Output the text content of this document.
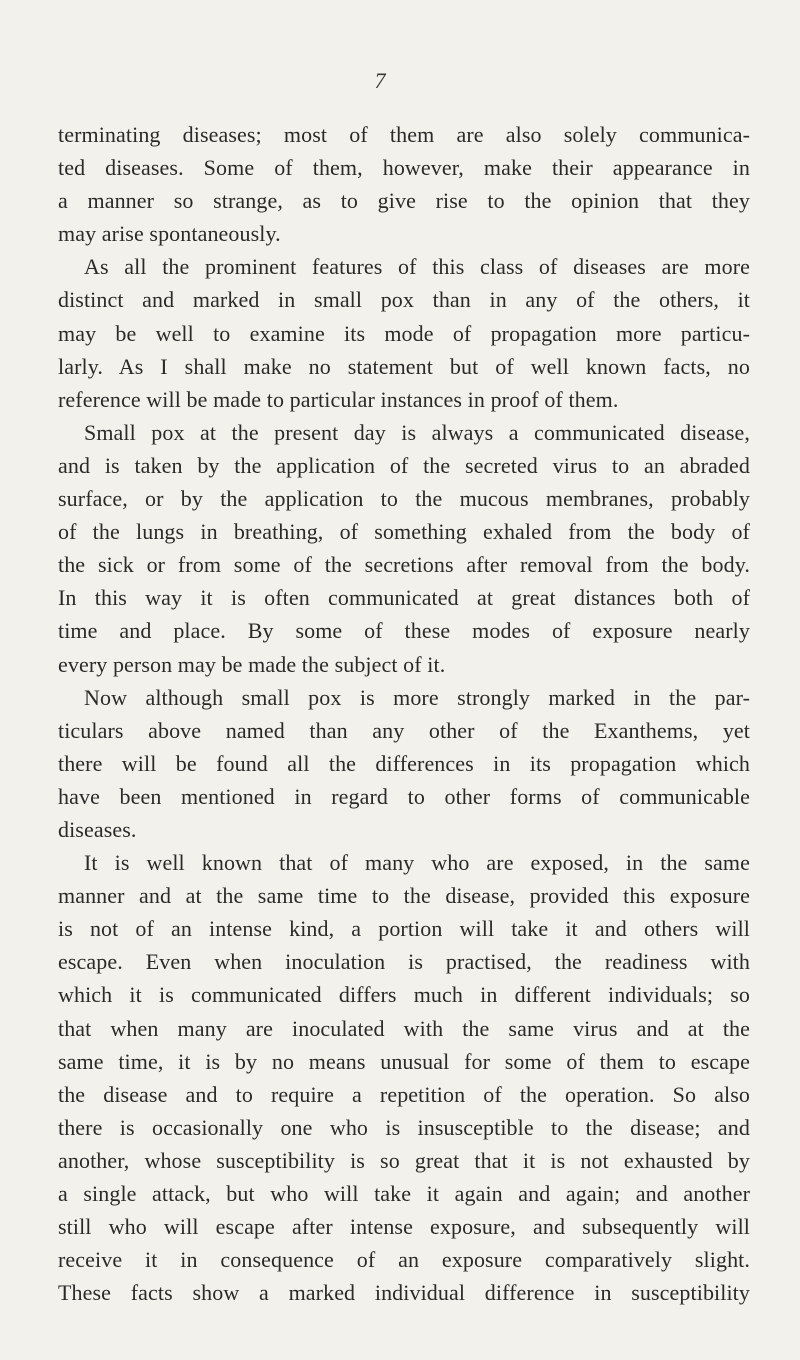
7
terminating diseases; most of them are also solely communica-
ted diseases. Some of them, however, make their appearance in
a manner so strange, as to give rise to the opinion that they
may arise spontaneously.
As all the prominent features of this class of diseases are more
distinct and marked in small pox than in any of the others, it
may be well to examine its mode of propagation more particu-
larly. As I shall make no statement but of well known facts, no
reference will be made to particular instances in proof of them.
Small pox at the present day is always a communicated disease,
and is taken by the application of the secreted virus to an abraded
surface, or by the application to the mucous membranes, probably
of the lungs in breathing, of something exhaled from the body of
the sick or from some of the secretions after removal from the body.
In this way it is often communicated at great distances both of
time and place. By some of these modes of exposure nearly
every person may be made the subject of it.
Now although small pox is more strongly marked in the par-
ticulars above named than any other of the Exanthems, yet
there will be found all the differences in its propagation which
have been mentioned in regard to other forms of communicable
diseases.
It is well known that of many who are exposed, in the same
manner and at the same time to the disease, provided this exposure
is not of an intense kind, a portion will take it and others will
escape. Even when inoculation is practised, the readiness with
which it is communicated differs much in different individuals; so
that when many are inoculated with the same virus and at the
same time, it is by no means unusual for some of them to escape
the disease and to require a repetition of the operation. So also
there is occasionally one who is insusceptible to the disease; and
another, whose susceptibility is so great that it is not exhausted by
a single attack, but who will take it again and again; and another
still who will escape after intense exposure, and subsequently will
receive it in consequence of an exposure comparatively slight.
These facts show a marked individual difference in susceptibility
